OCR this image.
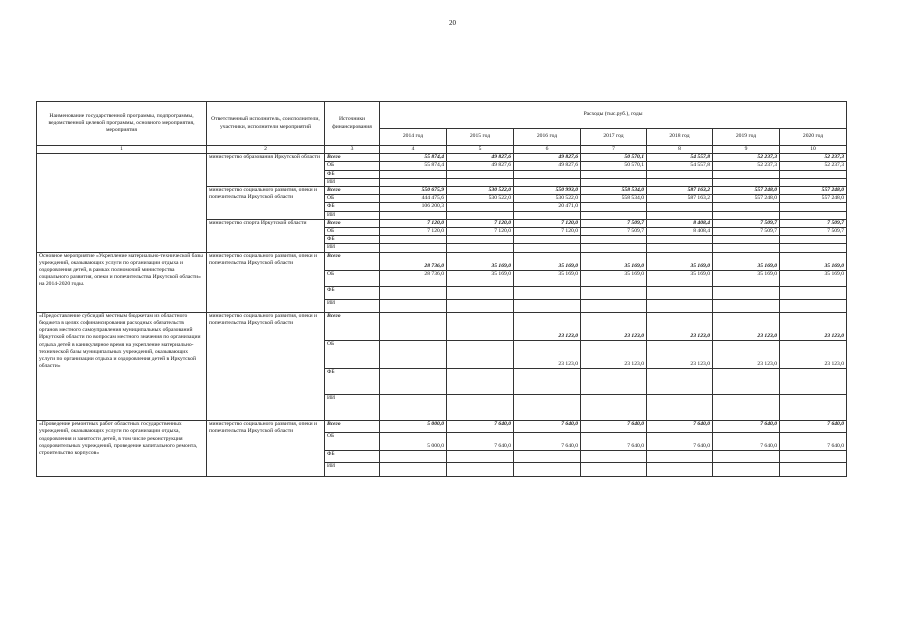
20
Наименование государственной программы, подпрограммы, ведомственной целевой программы, основного мероприятия, мероприятия	Ответственный исполнитель, соисполнители, участники, исполнители мероприятий	Источники финансирования	Расходы (тыс.руб.), годы						
			2014 год	2015 год	2016 год	2017 год	2018 год	2019 год	2020 год
1	2	3	4	5	6	7	8	9	10
	министерство образования Иркутской области	Всего	55 874,4	49 827,6	49 827,6	50 570,1	54 557,8	52 237,3	52 237,3
		ОБ	55 874,4	49 827,6	49 827,6	50 570,1	54 557,8	52 237,3	52 237,3
		ФБ							
		ИИ							
	министерство социального развития, опеки и попечительства Иркутской области	Всего	550 675,9	530 522,0	550 993,0	558 534,0	587 163,2	557 248,0	557 248,0
		ОБ	444 475,6	530 522,0	530 522,0	558 534,0	587 163,2	557 248,0	557 248,0
		ФБ	106 200,3		20 471,0				
		ИИ							
	министерство спорта Иркутской области	Всего	7 120,0	7 120,0	7 120,0	7 509,7	8 408,4	7 509,7	7 509,7
		ОБ	7 120,0	7 120,0	7 120,0	7 509,7	8 408,4	7 509,7	7 509,7
		ФБ							
		ИИ							
Основное мероприятие «Укрепление материально-технической базы учреждений, оказывающих услуги по организации отдыха и оздоровления детей, в рамках полномочий министерства социального развития, опеки и попечительства Иркутской области» на 2014-2020 годы.	министерство социального развития, опеки и попечительства Иркутской области	Всего	28 736,0	35 169,0	35 169,0	35 169,0	35 169,0	35 169,0	35 169,0
		ОБ	28 736,0	35 169,0	35 169,0	35 169,0	35 169,0	35 169,0	35 169,0
		ФБ							
		ИИ							
«Предоставление субсидий местным бюджетам из областного бюджета в целях софинансирования расходных обязательств органов местного самоуправления муниципальных образований Иркутской области по вопросам местного значения по организации отдыха детей в каникулярное время на укрепление материально-технической базы муниципальных учреждений, оказывающих услуги по организации отдыха и оздоровления детей в Иркутской области»	министерство социального развития, опеки и попечительства Иркутской области	Всего			23 123,0	23 123,0	23 123,0	23 123,0	23 123,0
		ОБ			23 123,0	23 123,0	23 123,0	23 123,0	23 123,0
		ФБ							
		ИИ							
«Проведение ремонтных работ областных государственных учреждений, оказывающих услуги по организации отдыха, оздоровления и занятости детей, в том числе реконструкция оздоровительных учреждений, проведение капитального ремонта, строительство корпусов»	министерство социального развития, опеки и попечительства Иркутской области	Всего	5 000,0	7 640,0	7 640,0	7 640,0	7 640,0	7 640,0	7 640,0
		ОБ	5 000,0	7 640,0	7 640,0	7 640,0	7 640,0	7 640,0	7 640,0
		ФБ							
		ИИ							
